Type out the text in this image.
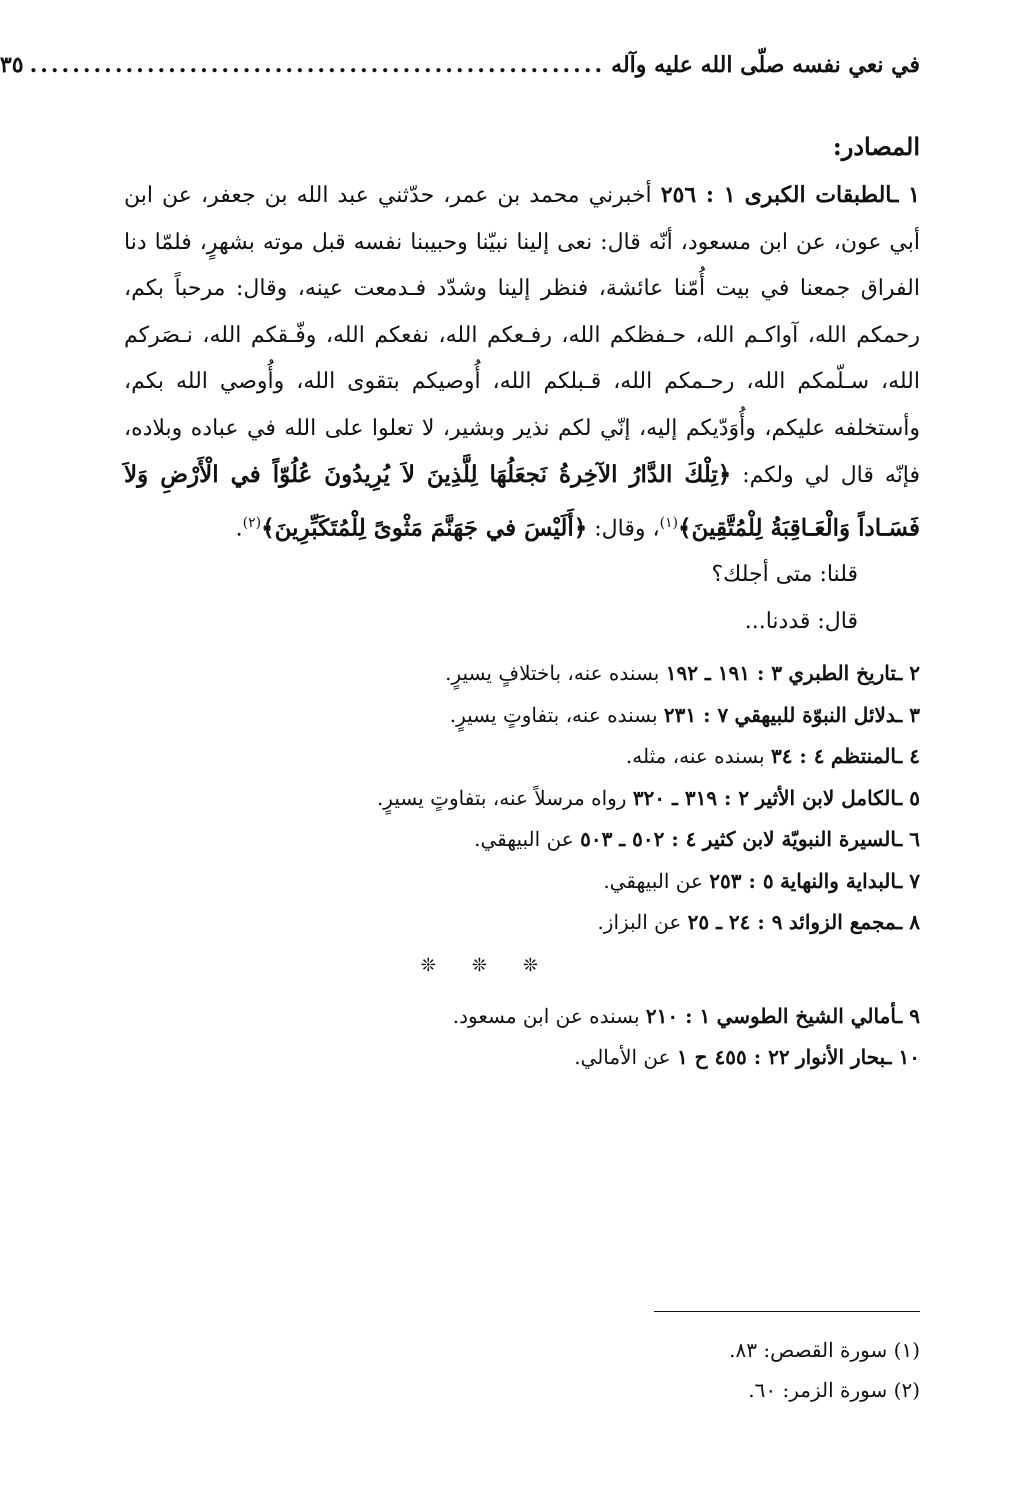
في نعي نفسه صلّى الله عليه وآله
......................................................
٣٥
المصادر:

١ ـالطبقات الكبرى ١ : ٢٥٦ أخبرني محمد بن عمر، حدّثني عبد الله بن جعفر، عن ابن أبي عون، عن ابن مسعود، أنّه قال: نعى إلينا نبيّنا وحبيبنا نفسه قبل موته بشهرٍ، فلمّا دنا الفراق جمعنا في بيت أُمّنا عائشة، فنظر إلينا وشدّد فـدمعت عينه، وقال: مرحباً بكم، رحمكم الله، آواكـم الله، حـفظكم الله، رفـعكم الله، نفعكم الله، وفّـقكم الله، نـصَركم الله، سـلّمكم الله، رحـمكم الله، قـبلكم الله، أُوصيكم بتقوى الله، وأُوصي الله بكم، وأستخلفه عليكم، وأُوَدّيكم إليه، إنّي لكم نذير وبشير، لا تعلوا على الله في عباده وبلاده، فإنّه قال لي ولكم: ﴿تِلْكَ الدَّارُ الآخِرةُ نَجعَلُهَا لِلَّذِينَ لاَ يُرِيدُونَ عُلُوّاً في الْأَرْضِ وَلاَ فَسَـاداً وَالْعَـاقِبَةُ لِلْمُتَّقِينَ﴾$^{(١)}$، وقال: ﴿أَلَيْسَ في جَهَنَّمَ مَثْوىً لِلْمُتَكَبِّرِينَ﴾$^{(٢)}$.

قلنا: متى أجلك؟

قال: قددنا...

٢ ـتاريخ الطبري ٣ : ١٩١ ـ ١٩٢ بسنده عنه، باختلافٍ يسيرٍ.

٣ ـدلائل النبوّة للبيهقي ٧ : ٢٣١ بسنده عنه، بتفاوتٍ يسيرٍ.

٤ ـالمنتظم ٤ : ٣٤ بسنده عنه، مثله.

٥ ـالكامل لابن الأثير ٢ : ٣١٩ ـ ٣٢٠ رواه مرسلاً عنه، بتفاوتٍ يسيرٍ.

٦ ـالسيرة النبويّة لابن كثير ٤ : ٥٠٢ ـ ٥٠٣ عن البيهقي.

٧ ـالبداية والنهاية ٥ : ٢٥٣ عن البيهقي.

٨ ـمجمع الزوائد ٩ : ٢٤ ـ ٢٥ عن البزاز.

❊❊❊

٩ ـأمالي الشيخ الطوسي ١ : ٢١٠ بسنده عن ابن مسعود.

١٠ ـبحار الأنوار ٢٢ : ٤٥٥ ح ١ عن الأمالي.

(١) سورة القصص: ٨٣.

(٢) سورة الزمر: ٦٠.
